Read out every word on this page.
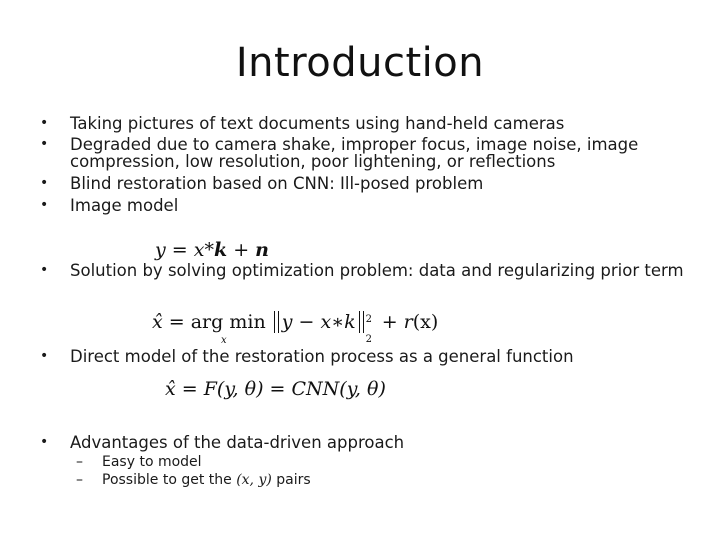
Introduction
• Taking pictures of text documents using hand-held cameras
• Degraded due to camera shake, improper focus, image noise, image
compression, low resolution, poor lightening, or reflections
• Blind restoration based on CNN: Ill-posed problem
• Image model
y = x*k + n
• Solution by solving optimization problem: data and regularizing prior term
x̂ = arg min y − x∗k 2
2
+ r(x)
x
• Direct model of the restoration process as a general function
x̂ = F(y, θ) = CNN(y, θ)
• Advantages of the data-driven approach
– Easy to model
– Possible to get the (x, y) pairs
